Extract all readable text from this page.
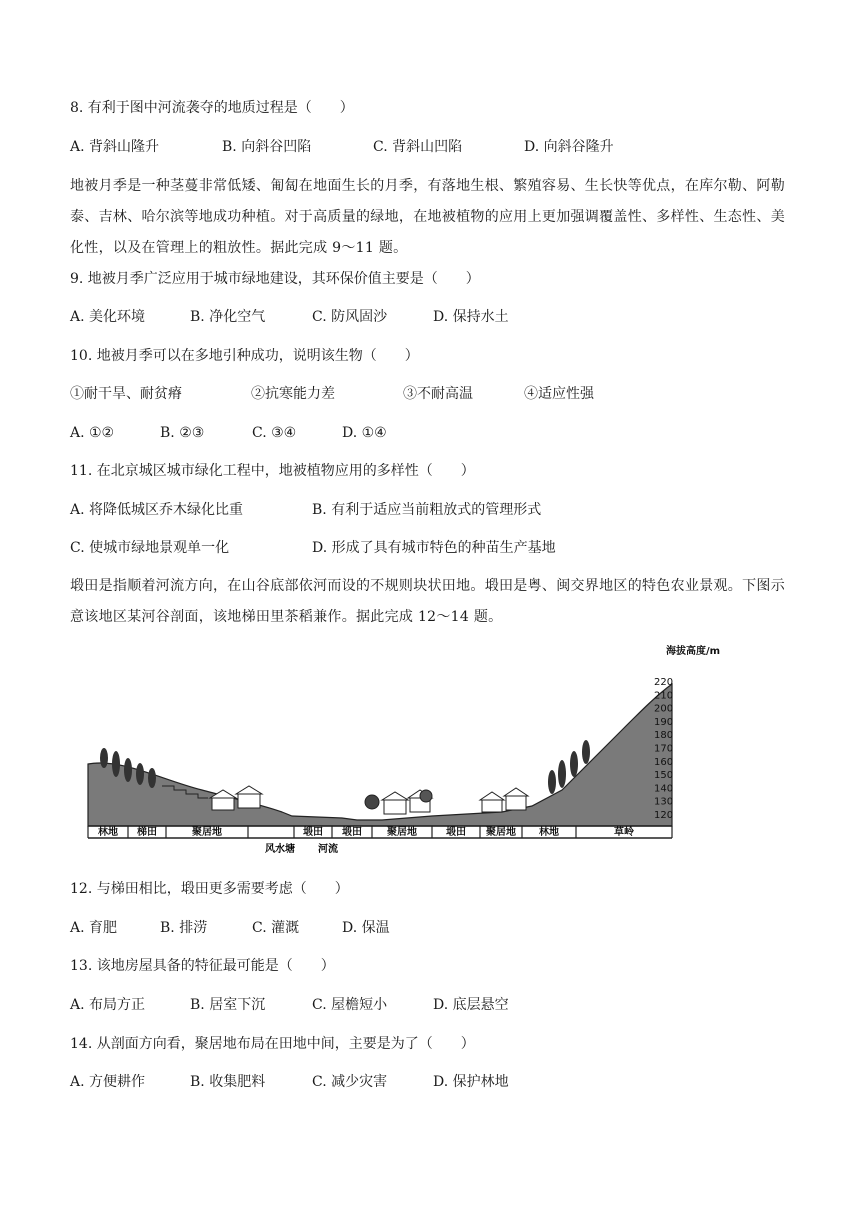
8. 有利于图中河流袭夺的地质过程是（　　）
A. 背斜山隆升	B. 向斜谷凹陷	C. 背斜山凹陷	D. 向斜谷隆升
地被月季是一种茎蔓非常低矮、匍匐在地面生长的月季，有落地生根、繁殖容易、生长快等优点，在库尔勒、阿勒泰、吉林、哈尔滨等地成功种植。对于高质量的绿地，在地被植物的应用上更加强调覆盖性、多样性、生态性、美化性，以及在管理上的粗放性。据此完成 9～11 题。
9. 地被月季广泛应用于城市绿地建设，其环保价值主要是（　　）
A. 美化环境	B. 净化空气	C. 防风固沙	D. 保持水土
10. 地被月季可以在多地引种成功，说明该生物（　　）
①耐干旱、耐贫瘠	②抗寒能力差	③不耐高温	④适应性强
A. ①②	B. ②③	C. ③④	D. ①④
11. 在北京城区城市绿化工程中，地被植物应用的多样性（　　）
A. 将降低城区乔木绿化比重	B. 有利于适应当前粗放式的管理形式
C. 使城市绿地景观单一化	D. 形成了具有城市特色的种苗生产基地
塅田是指顺着河流方向，在山谷底部依河而设的不规则块状田地。塅田是粤、闽交界地区的特色农业景观。下图示意该地区某河谷剖面，该地梯田里茶稻兼作。据此完成 12～14 题。
林地 梯田	聚居地	塅田 塅田	聚居地	塅田 聚居地 林地	草岭
风水塘 河流
海拔高度/m
220
210
200
190
180
170
160
150
140
130
120
12. 与梯田相比，塅田更多需要考虑（　　）
A. 育肥	B. 排涝	C. 灌溉	D. 保温
13. 该地房屋具备的特征最可能是（　　）
A. 布局方正	B. 居室下沉	C. 屋檐短小	D. 底层悬空
14. 从剖面方向看，聚居地布局在田地中间，主要是为了（　　）
A. 方便耕作	B. 收集肥料	C. 减少灾害	D. 保护林地
